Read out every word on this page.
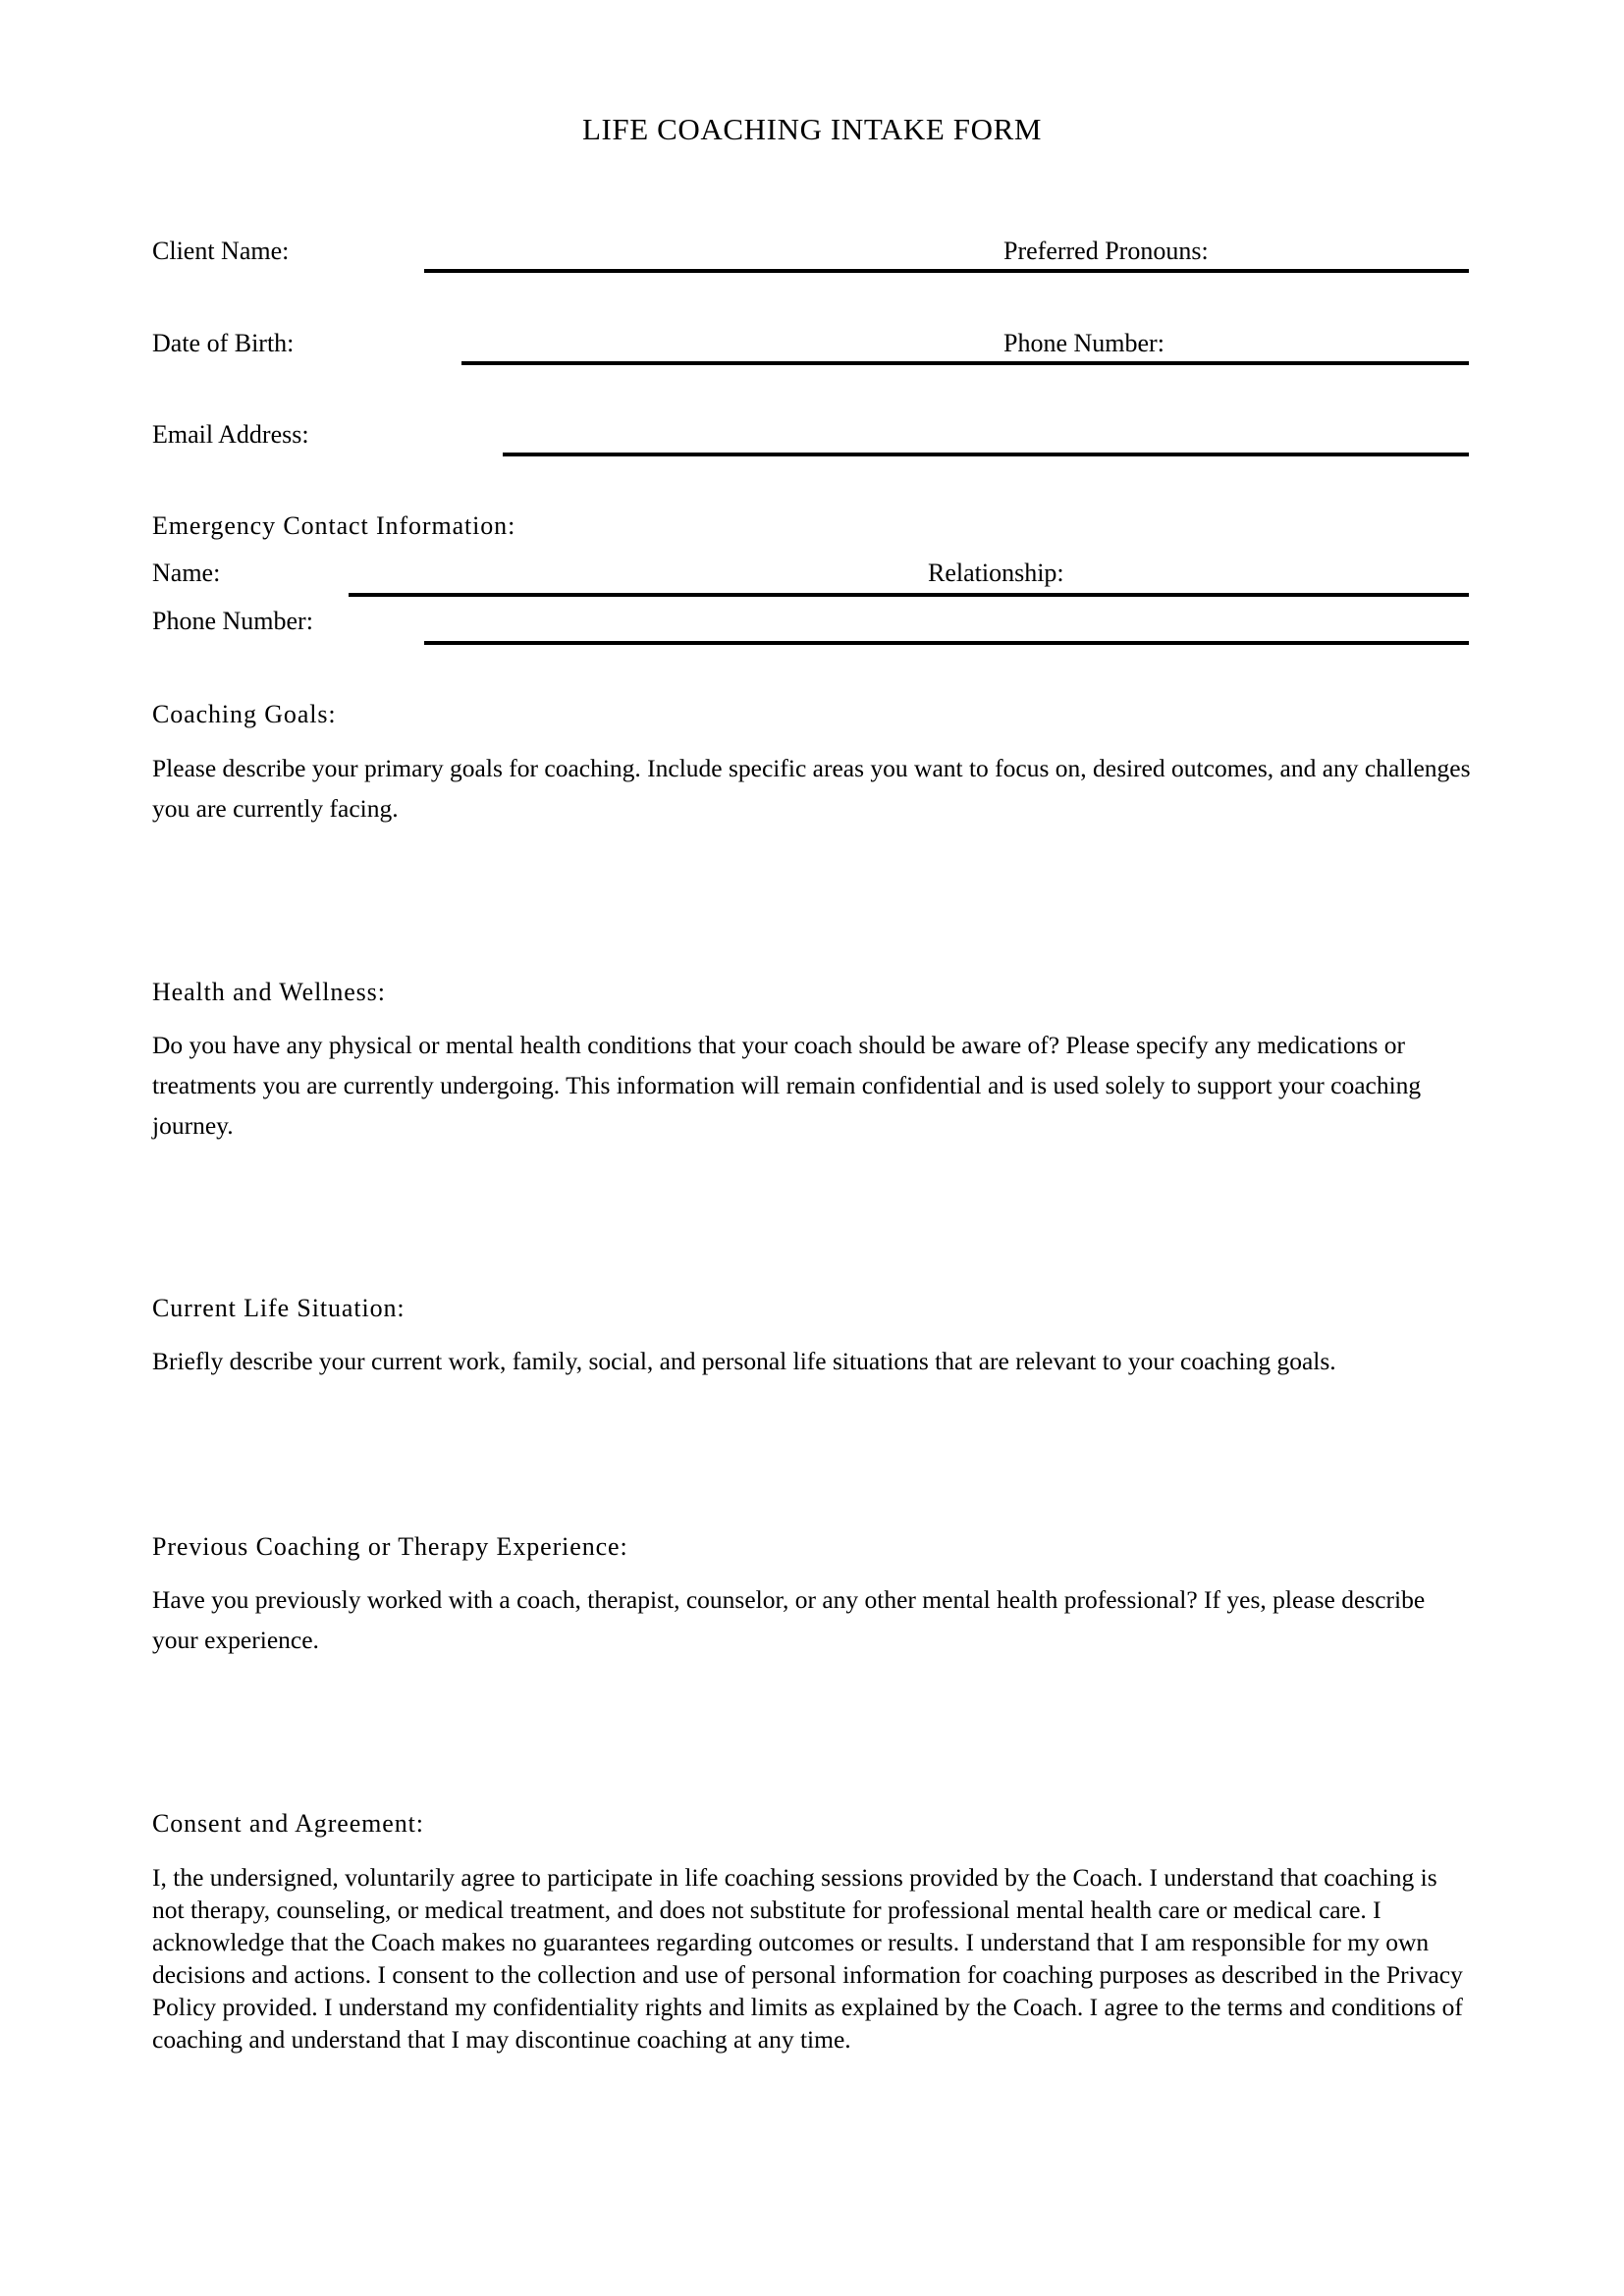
LIFE COACHING INTAKE FORM
Client Name:	Preferred Pronouns:
Date of Birth:	Phone Number:
Email Address:
Emergency Contact Information:
Name:	Relationship:
Phone Number:
Coaching Goals:
Please describe your primary goals for coaching. Include specific areas you want to focus on, desired outcomes, and any challenges you are currently facing.
Health and Wellness:
Do you have any physical or mental health conditions that your coach should be aware of? Please specify any medications or treatments you are currently undergoing. This information will remain confidential and is used solely to support your coaching journey.
Current Life Situation:
Briefly describe your current work, family, social, and personal life situations that are relevant to your coaching goals.
Previous Coaching or Therapy Experience:
Have you previously worked with a coach, therapist, counselor, or any other mental health professional? If yes, please describe your experience.
Consent and Agreement:
I, the undersigned, voluntarily agree to participate in life coaching sessions provided by the Coach. I understand that coaching is not therapy, counseling, or medical treatment, and does not substitute for professional mental health care or medical care. I acknowledge that the Coach makes no guarantees regarding outcomes or results. I understand that I am responsible for my own decisions and actions. I consent to the collection and use of personal information for coaching purposes as described in the Privacy Policy provided. I understand my confidentiality rights and limits as explained by the Coach. I agree to the terms and conditions of coaching and understand that I may discontinue coaching at any time.
